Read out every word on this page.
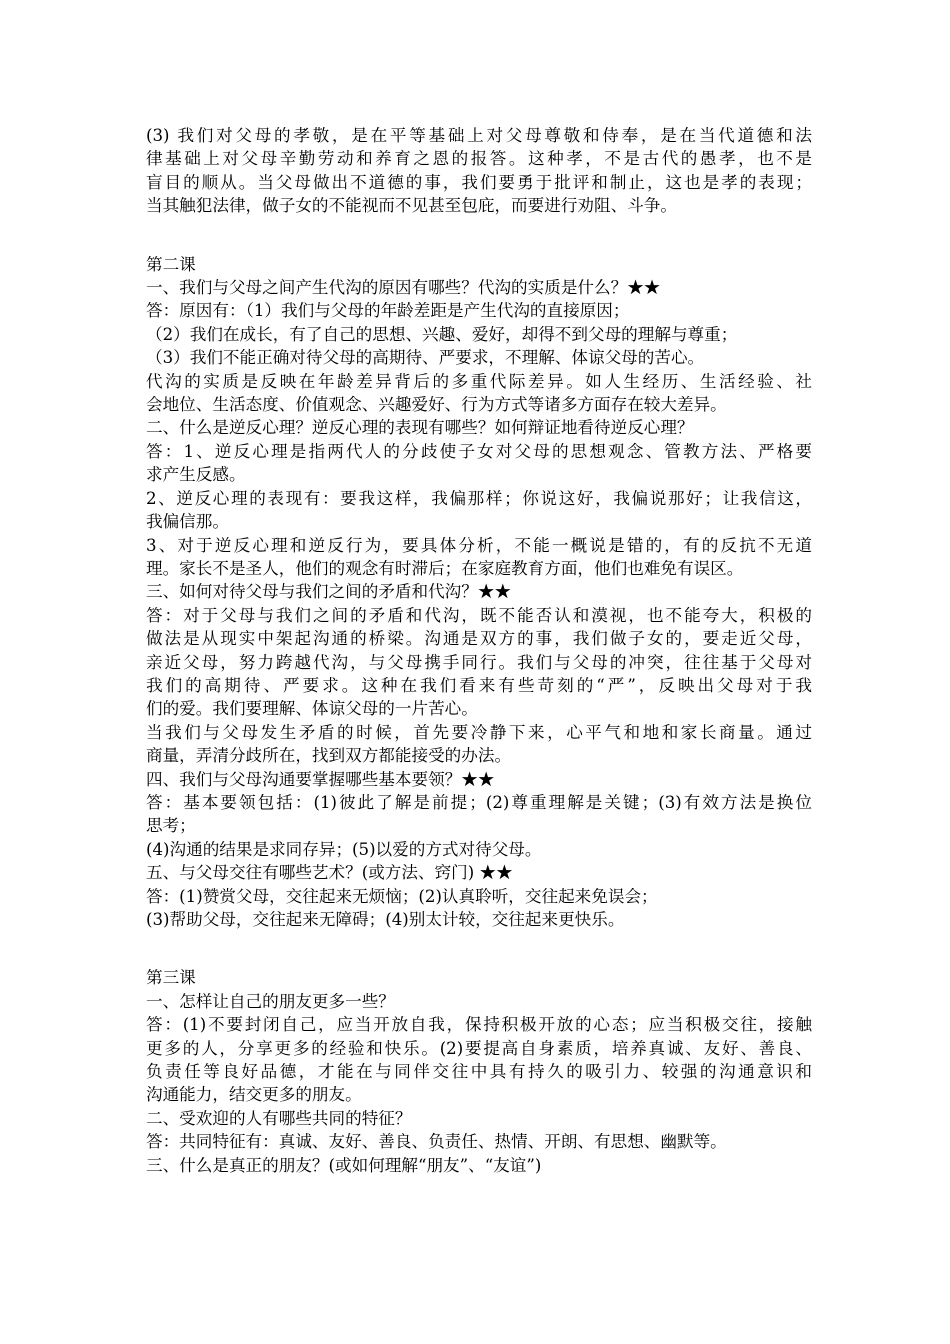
(3) 我们对父母的孝敬，是在平等基础上对父母尊敬和侍奉，是在当代道德和法
律基础上对父母辛勤劳动和养育之恩的报答。这种孝，不是古代的愚孝，也不是
盲目的顺从。当父母做出不道德的事，我们要勇于批评和制止，这也是孝的表现；
当其触犯法律，做子女的不能视而不见甚至包庇，而要进行劝阻、斗争。
第二课
一、我们与父母之间产生代沟的原因有哪些？代沟的实质是什么？★★
答：原因有：（1）我们与父母的年龄差距是产生代沟的直接原因；
（2）我们在成长，有了自己的思想、兴趣、爱好，却得不到父母的理解与尊重；
（3）我们不能正确对待父母的高期待、严要求，不理解、体谅父母的苦心。
代沟的实质是反映在年龄差异背后的多重代际差异。如人生经历、生活经验、社
会地位、生活态度、价值观念、兴趣爱好、行为方式等诸多方面存在较大差异。
二、什么是逆反心理？逆反心理的表现有哪些？如何辩证地看待逆反心理？
答：1、逆反心理是指两代人的分歧使子女对父母的思想观念、管教方法、严格要
求产生反感。
2、逆反心理的表现有：要我这样，我偏那样；你说这好，我偏说那好；让我信这，
我偏信那。
3、对于逆反心理和逆反行为，要具体分析，不能一概说是错的，有的反抗不无道
理。家长不是圣人，他们的观念有时滞后；在家庭教育方面，他们也难免有误区。
三、如何对待父母与我们之间的矛盾和代沟？★★
答：对于父母与我们之间的矛盾和代沟，既不能否认和漠视，也不能夸大，积极的
做法是从现实中架起沟通的桥梁。沟通是双方的事，我们做子女的，要走近父母，
亲近父母，努力跨越代沟，与父母携手同行。我们与父母的冲突，往往基于父母对
我们的高期待、严要求。这种在我们看来有些苛刻的“严”，反映出父母对于我
们的爱。我们要理解、体谅父母的一片苦心。
当我们与父母发生矛盾的时候，首先要冷静下来，心平气和地和家长商量。通过
商量，弄清分歧所在，找到双方都能接受的办法。
四、我们与父母沟通要掌握哪些基本要领？★★
答：基本要领包括：(1)彼此了解是前提；(2)尊重理解是关键；(3)有效方法是换位
思考；
(4)沟通的结果是求同存异；(5)以爱的方式对待父母。
五、与父母交往有哪些艺术？(或方法、窍门) ★★
答：(1)赞赏父母，交往起来无烦恼；(2)认真聆听，交往起来免误会；
(3)帮助父母，交往起来无障碍；(4)别太计较，交往起来更快乐。
第三课
一、怎样让自己的朋友更多一些？
答：(1)不要封闭自己，应当开放自我，保持积极开放的心态；应当积极交往，接触
更多的人，分享更多的经验和快乐。(2)要提高自身素质，培养真诚、友好、善良、
负责任等良好品德，才能在与同伴交往中具有持久的吸引力、较强的沟通意识和
沟通能力，结交更多的朋友。
二、受欢迎的人有哪些共同的特征？
答：共同特征有：真诚、友好、善良、负责任、热情、开朗、有思想、幽默等。
三、什么是真正的朋友？(或如何理解“朋友”、“友谊”)
